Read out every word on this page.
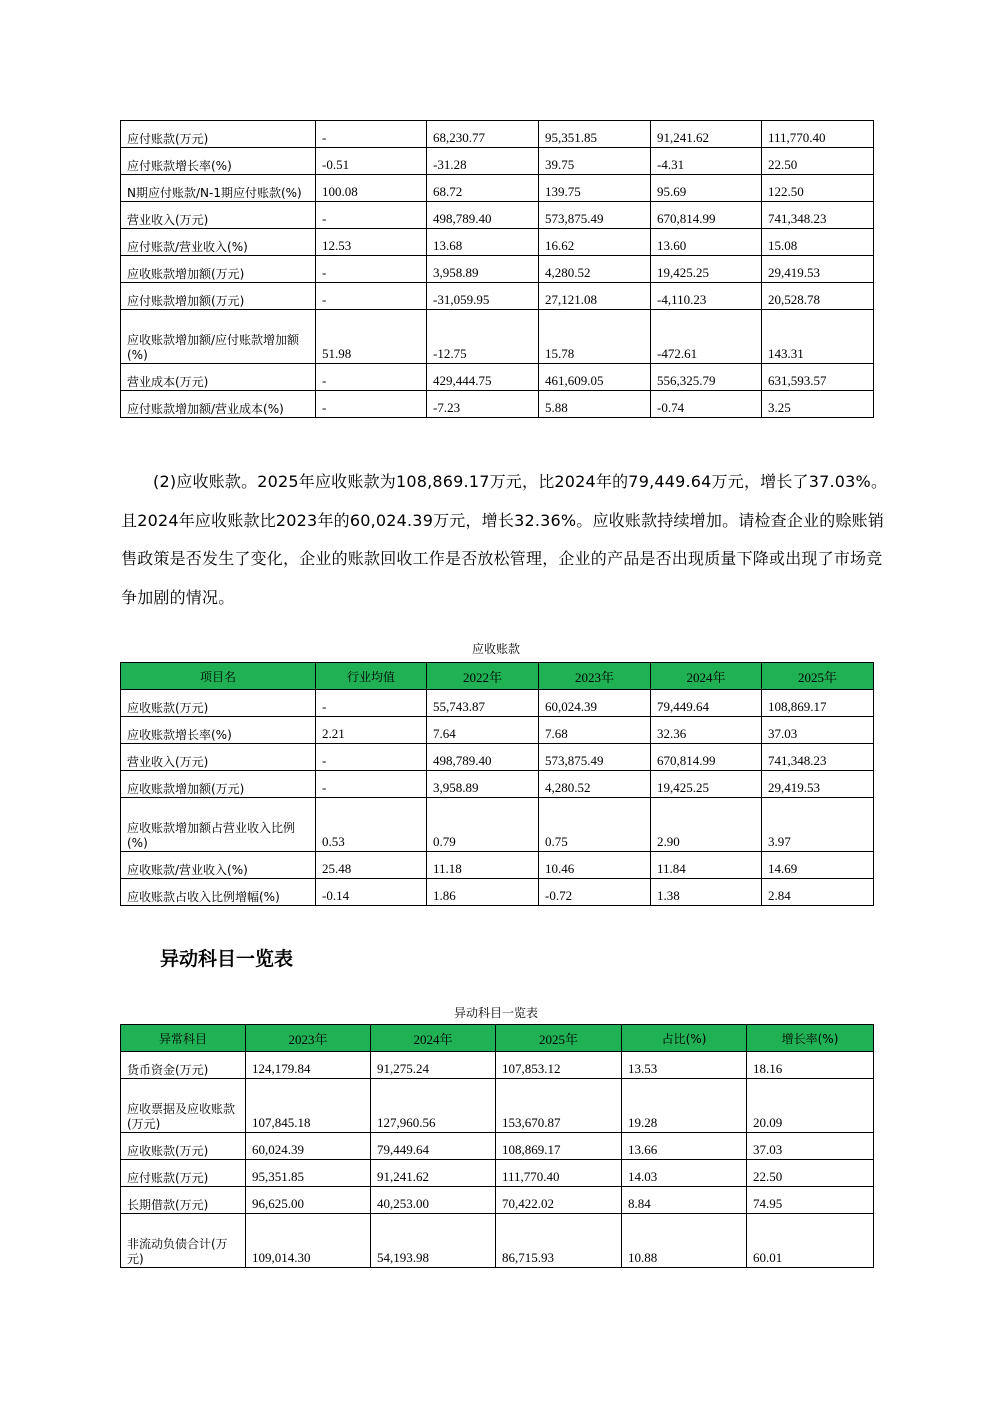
应付账款(万元)	-	68,230.77	95,351.85	91,241.62	111,770.40
应付账款增长率(%)	-0.51	-31.28	39.75	-4.31	22.50
N期应付账款/N-1期应付账款(%)	100.08	68.72	139.75	95.69	122.50
营业收入(万元)	-	498,789.40	573,875.49	670,814.99	741,348.23
应付账款/营业收入(%)	12.53	13.68	16.62	13.60	15.08
应收账款增加额(万元)	-	3,958.89	4,280.52	19,425.25	29,419.53
应付账款增加额(万元)	-	-31,059.95	27,121.08	-4,110.23	20,528.78
应收账款增加额/应付账款增加额(%)	51.98	-12.75	15.78	-472.61	143.31
营业成本(万元)	-	429,444.75	461,609.05	556,325.79	631,593.57
应付账款增加额/营业成本(%)	-	-7.23	5.88	-0.74	3.25

(2)应收账款。2025年应收账款为108,869.17万元，比2024年的79,449.64万元，增长了37.03%。且2024年应收账款比2023年的60,024.39万元，增长32.36%。应收账款持续增加。请检查企业的赊账销售政策是否发生了变化，企业的账款回收工作是否放松管理，企业的产品是否出现质量下降或出现了市场竞争加剧的情况。

应收账款
项目名	行业均值	2022年	2023年	2024年	2025年
应收账款(万元)	-	55,743.87	60,024.39	79,449.64	108,869.17
应收账款增长率(%)	2.21	7.64	7.68	32.36	37.03
营业收入(万元)	-	498,789.40	573,875.49	670,814.99	741,348.23
应收账款增加额(万元)	-	3,958.89	4,280.52	19,425.25	29,419.53
应收账款增加额占营业收入比例(%)	0.53	0.79	0.75	2.90	3.97
应收账款/营业收入(%)	25.48	11.18	10.46	11.84	14.69
应收账款占收入比例增幅(%)	-0.14	1.86	-0.72	1.38	2.84
异动科目一览表
异动科目一览表
异常科目	2023年	2024年	2025年	占比(%)	增长率(%)
货币资金(万元)	124,179.84	91,275.24	107,853.12	13.53	18.16
应收票据及应收账款(万元)	107,845.18	127,960.56	153,670.87	19.28	20.09
应收账款(万元)	60,024.39	79,449.64	108,869.17	13.66	37.03
应付账款(万元)	95,351.85	91,241.62	111,770.40	14.03	22.50
长期借款(万元)	96,625.00	40,253.00	70,422.02	8.84	74.95
非流动负债合计(万元)	109,014.30	54,193.98	86,715.93	10.88	60.01
